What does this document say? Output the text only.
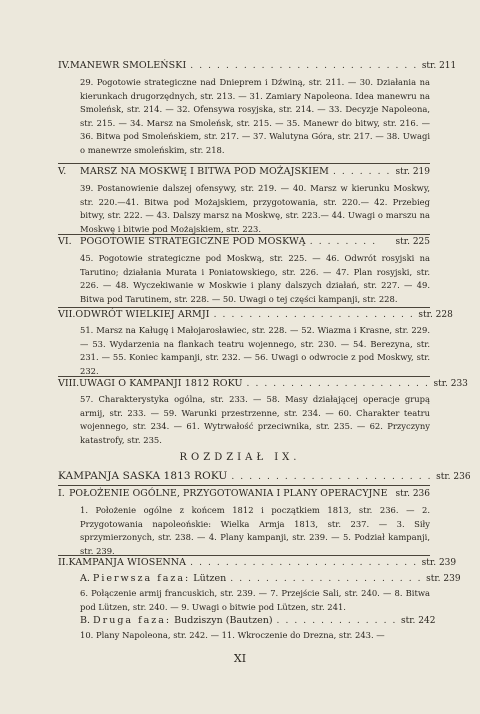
IV. MANEWR SMOLEŃSKI . . . . . . . . . . . . . . . . . . . . . . . . . . str. 211

29. Pogotowie strategiczne nad Dnieprem i Dźwiną, str. 211. — 30. Działania na kierunkach drugorzędnych, str. 213. — 31. Zamiary Napoleona. Idea manewru na Smoleńsk, str. 214. — 32. Ofensywa rosyjska, str. 214. — 33. Decyzje Napoleona, str. 215. — 34. Marsz na Smoleńsk, str. 215. — 35. Manewr do bitwy, str. 216. — 36. Bitwa pod Smoleńskiem, str. 217. — 37. Walutyna Góra, str. 217. — 38. Uwagi o manewrze smoleńskim, str. 218.

V.	MARSZ NA MOSKWĘ I BITWA POD MOŻAJSKIEM . . . . . . . str. 219

39. Postanowienie dalszej ofensywy, str. 219. — 40. Marsz w kierunku Moskwy, str. 220.—41. Bitwa pod Możajskiem, przygotowania, str. 220.— 42. Przebieg bitwy, str. 222. — 43. Dalszy marsz na Moskwę, str. 223.— 44. Uwagi o marszu na Moskwę i bitwie pod Możajskiem, str. 223.

VI. POGOTOWIE STRATEGICZNE POD MOSKWĄ . . . . . . . .	str. 225

45. Pogotowie strategiczne pod Moskwą, str. 225. — 46. Odwrót rosyjski na Tarutino; działania Murata i Poniatowskiego, str. 226. — 47. Plan rosyjski, str. 226. — 48. Wyczekiwanie w Moskwie i plany dalszych działań, str. 227. — 49. Bitwa pod Tarutinem, str. 228. — 50. Uwagi o tej części kampanji, str. 228.

VII. ODWRÓT WIELKIEJ ARMJI . . . . . . . . . . . . . . . . . . . . . . . str. 228

51. Marsz na Kaługę i Małojarosławiec, str. 228. — 52. Wiazma i Krasne, str. 229. — 53. Wydarzenia na flankach teatru wojennego, str. 230. — 54. Berezyna, str. 231. — 55. Koniec kampanji, str. 232. — 56. Uwagi o odwrocie z pod Moskwy, str. 232.

VIII. UWAGI O KAMPANJI 1812 ROKU . . . . . . . . . . . . . . . . . . . . . str. 233

57. Charakterystyka ogólna, str. 233. — 58. Masy działającej operacje grupą armij, str. 233. — 59. Warunki przestrzenne, str. 234. — 60. Charakter teatru wojennego, str. 234. — 61. Wytrwałość przeciwnika, str. 235. — 62. Przyczyny katastrofy, str. 235.

ROZDZIAŁ IX.
KAMPANJA SASKA 1813 ROKU . . . . . . . . . . . . . . . . . . . . . . . str. 236
I. POŁOŻENIE OGÓLNE, PRZYGOTOWANIA I PLANY OPERACYJNE str. 236

1. Położenie ogólne z końcem 1812 i początkiem 1813, str. 236. — 2. Przygotowania napoleońskie: Wielka Armja 1813, str. 237. — 3. Siły sprzymierzonych, str. 238. — 4. Plany kampanji, str. 239. — 5. Podział kampanji, str. 239.

II. KAMPANJA WIOSENNA . . . . . . . . . . . . . . . . . . . . . . . . . . str. 239
A.
Pierwsza faza:
Lützen . . . . . . . . . . . . . . . . . . . . . . str. 239

6. Połączenie armij francuskich, str. 239. — 7. Przejście Sali, str. 240. — 8. Bitwa pod Lützen, str. 240. — 9. Uwagi o bitwie pod Lützen, str. 241.

B.
Druga faza:
Budziszyn (Bautzen) . . . . . . . . . . . . . . str. 242

10. Plany Napoleona, str. 242. — 11. Wkroczenie do Drezna, str. 243. —

XI
